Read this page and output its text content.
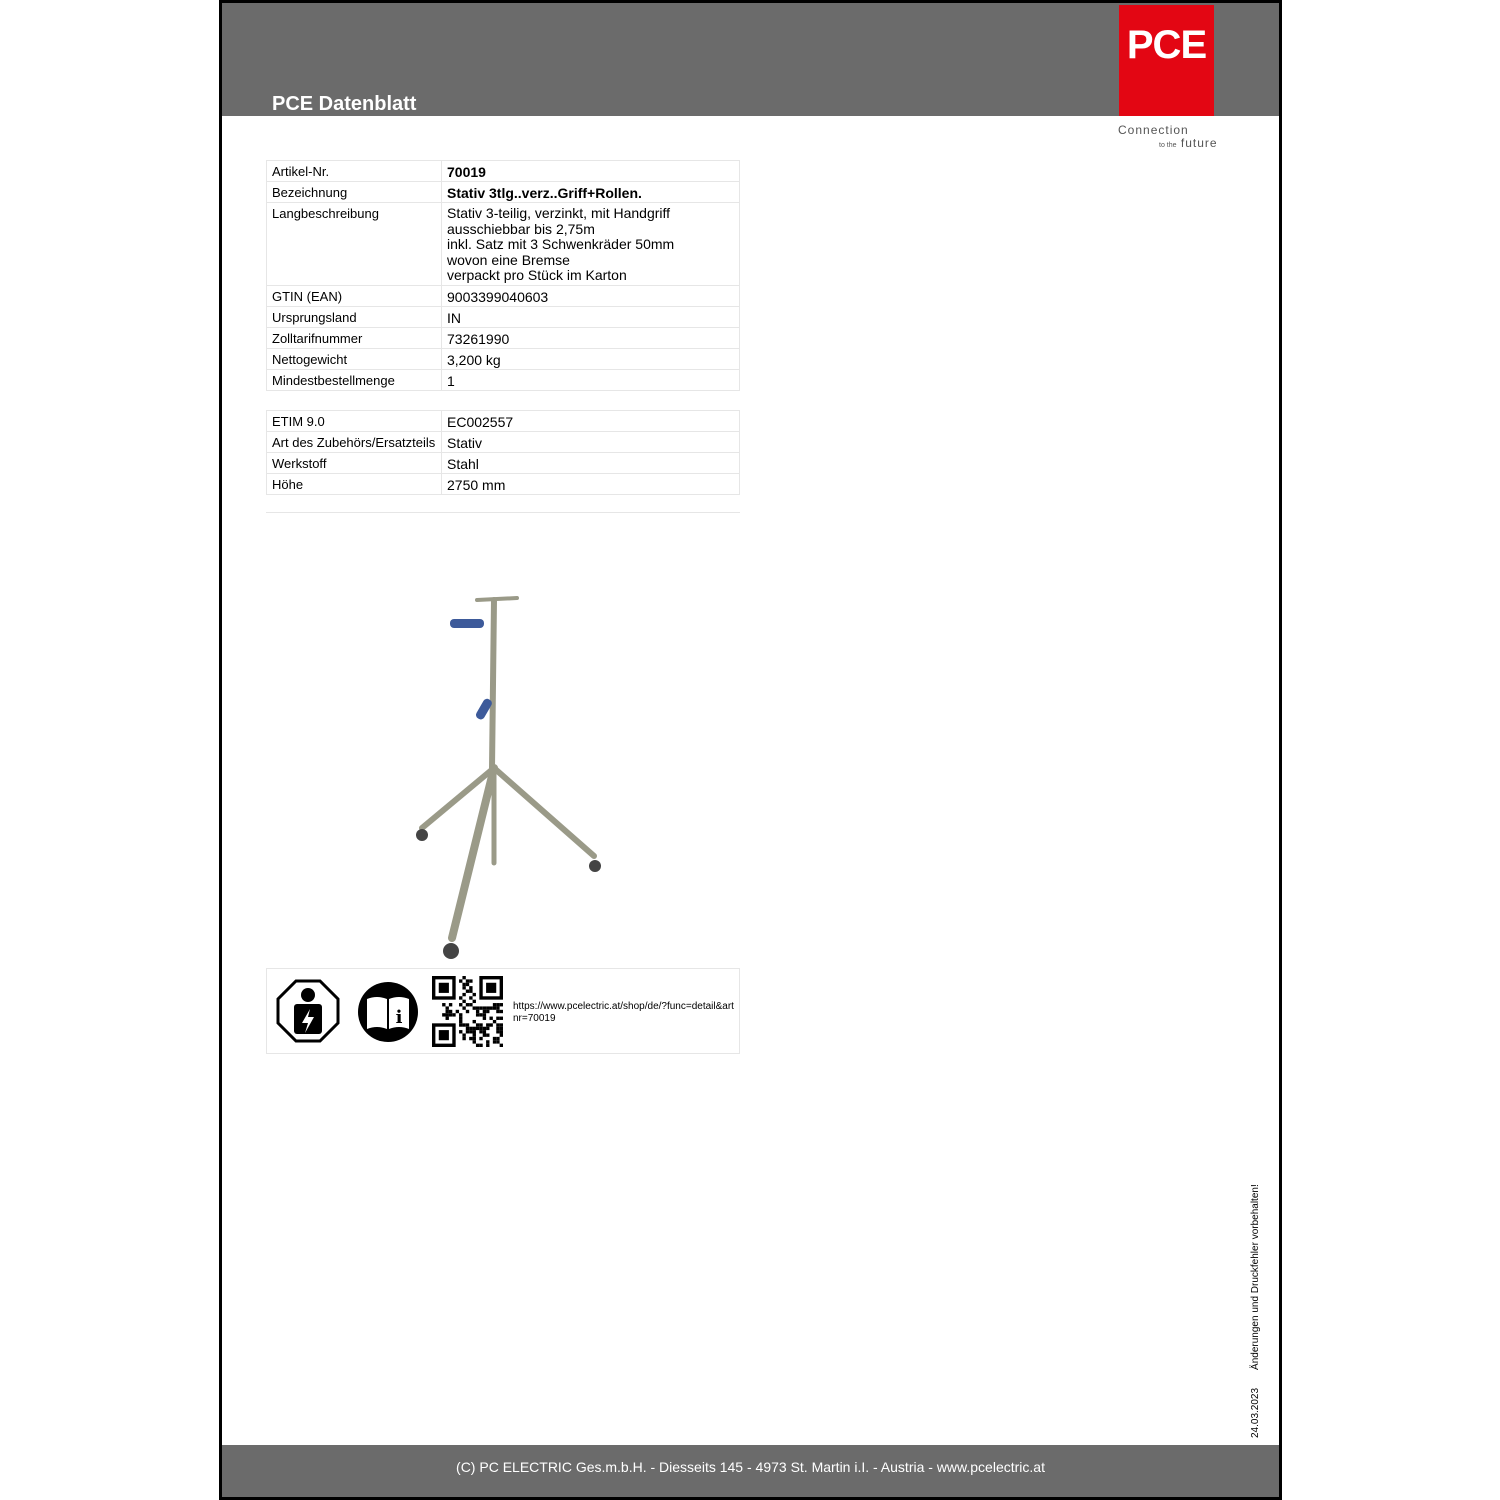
PCE Datenblatt
PCE
Connection
to the future
Artikel-Nr.	70019
Bezeichnung	Stativ 3tlg..verz..Griff+Rollen.
Langbeschreibung	Stativ 3-teilig, verzinkt, mit Handgriff
ausschiebbar bis 2,75m
inkl. Satz mit 3 Schwenkräder 50mm
wovon eine Bremse
verpackt pro Stück im Karton

GTIN (EAN)	9003399040603
Ursprungsland	IN
Zolltarifnummer	73261990
Nettogewicht	3,200 kg
Mindestbestellmenge	1
ETIM 9.0	EC002557
Art des Zubehörs/Ersatzteils	Stativ
Werkstoff	Stahl
Höhe	2750 mm
i
https://www.pcelectric.at/shop/de/?func=detail&artnr=70019
24.03.2023Änderungen und Druckfehler vorbehalten!
(C) PC ELECTRIC Ges.m.b.H. - Diesseits 145 - 4973 St. Martin i.I. - Austria - www.pcelectric.at
